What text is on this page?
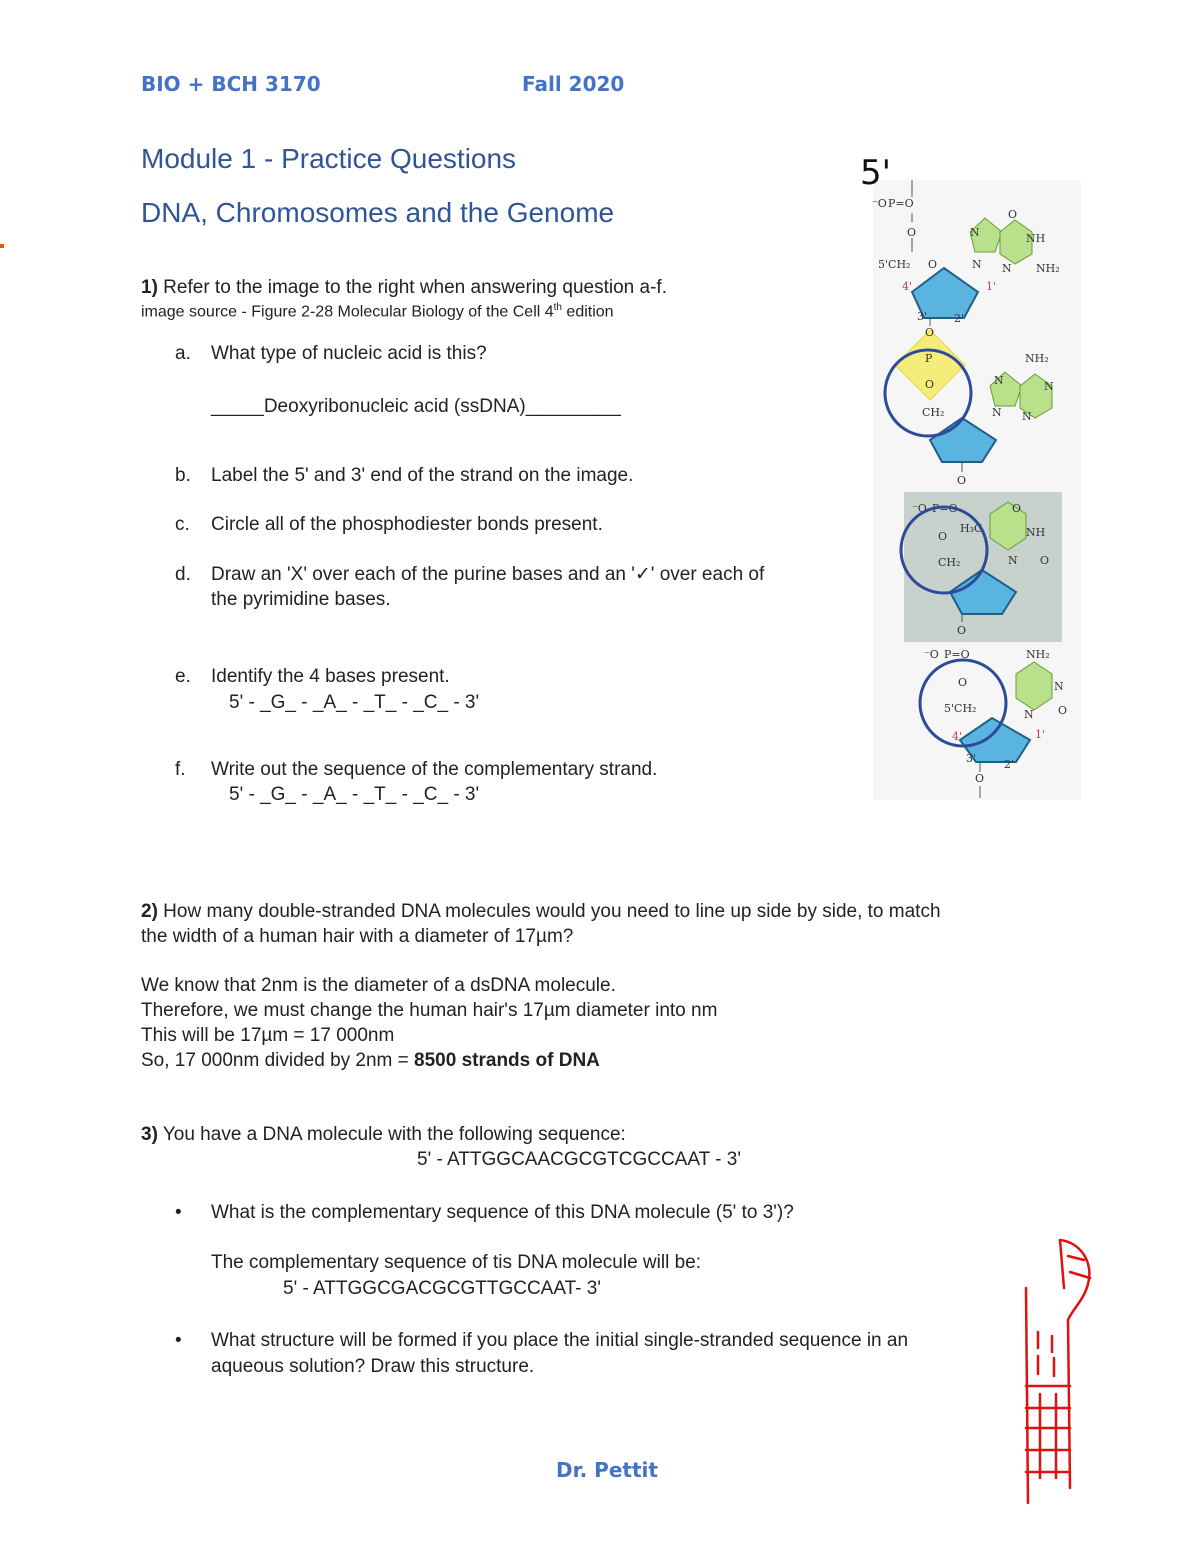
BIO + BCH 3170	Fall 2020
Module 1 - Practice Questions
DNA, Chromosomes and the Genome
1) Refer to the image to the right when answering question a-f.
image source - Figure 2-28 Molecular Biology of the Cell 4th edition
a. What type of nucleic acid is this?
_____Deoxyribonucleic acid (ssDNA)_________
b. Label the 5' and 3' end of the strand on the image.
c. Circle all of the phosphodiester bonds present.
d. Draw an 'X' over each of the purine bases and an '✓' over each of
the pyrimidine bases.
e. Identify the 4 bases present.
5' - _G_ - _A_ - _T_ - _C_ - 3'
f. Write out the sequence of the complementary strand.
5' - _G_ - _A_ - _T_ - _C_ - 3'
2) How many double-stranded DNA molecules would you need to line up side by side, to match
the width of a human hair with a diameter of 17µm?
We know that 2nm is the diameter of a dsDNA molecule.
Therefore, we must change the human hair's 17µm diameter into nm
This will be 17µm = 17 000nm
So, 17 000nm divided by 2nm = 8500 strands of DNA
3) You have a DNA molecule with the following sequence:
5' - ATTGGCAACGCGTCGCCAAT - 3'
• What is the complementary sequence of this DNA molecule (5' to 3')?
The complementary sequence of tis DNA molecule will be:
5' - ATTGGCGACGCGTTGCCAAT- 3'
• What structure will be formed if you place the initial single-stranded sequence in an
aqueous solution? Draw this structure.
Dr. Pettit
5'
⁻O P=O
O
5'CH₂ O
4'	1'
3' 2'
N
N
O
NH
N NH₂
O
P
O
CH₂
NH₂
N	N
N N
O
⁻O P=O
O
CH₂
H₃C
O
NH
N O
O
⁻O P=O
O
5'CH₂
4'	1'
3'	2'
NH₂
N
N O
O
